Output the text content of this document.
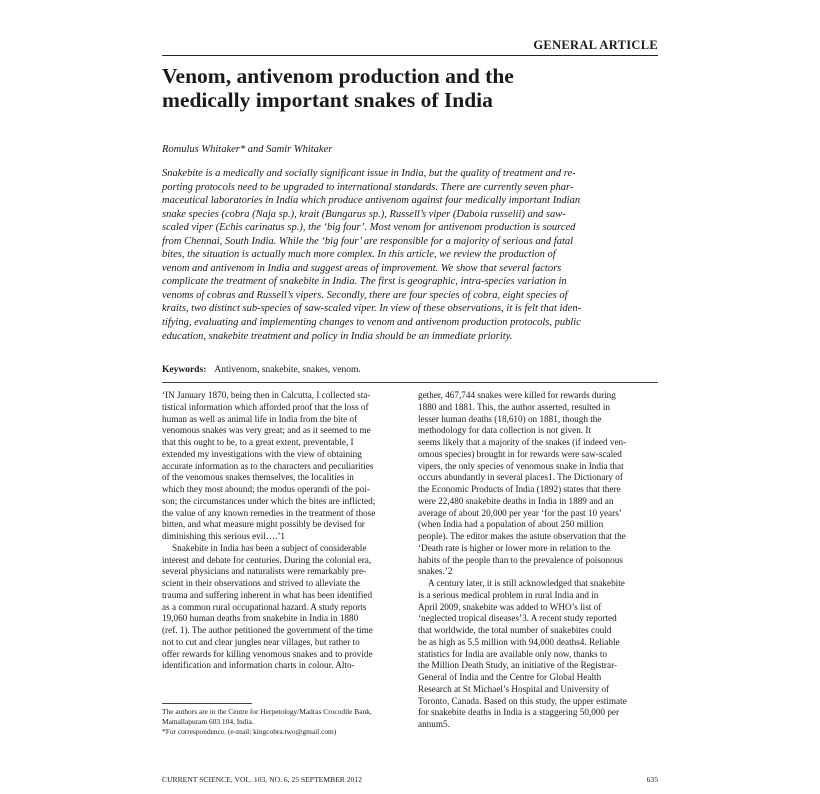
GENERAL ARTICLE
Venom, antivenom production and the
medically important snakes of India
Romulus Whitaker* and Samir Whitaker
Snakebite is a medically and socially significant issue in India, but the quality of treatment and re-
porting protocols need to be upgraded to international standards. There are currently seven phar-
maceutical laboratories in India which produce antivenom against four medically important Indian
snake species (cobra (Naja sp.), krait (Bungarus sp.), Russell’s viper (Daboia russelii) and saw-
scaled viper (Echis carinatus sp.), the ‘big four’. Most venom for antivenom production is sourced
from Chennai, South India. While the ‘big four’ are responsible for a majority of serious and fatal
bites, the situation is actually much more complex. In this article, we review the production of
venom and antivenom in India and suggest areas of improvement. We show that several factors
complicate the treatment of snakebite in India. The first is geographic, intra-species variation in
venoms of cobras and Russell’s vipers. Secondly, there are four species of cobra, eight species of
kraits, two distinct sub-species of saw-scaled viper. In view of these observations, it is felt that iden-
tifying, evaluating and implementing changes to venom and antivenom production protocols, public
education, snakebite treatment and policy in India should be an immediate priority.
Keywords: Antivenom, snakebite, snakes, venom.
‘IN January 1870, being then in Calcutta, I collected sta-
tistical information which afforded proof that the loss of
human as well as animal life in India from the bite of
venomous snakes was very great; and as it seemed to me
that this ought to be, to a great extent, preventable, I
extended my investigations with the view of obtaining
accurate information as to the characters and peculiarities
of the venomous snakes themselves, the localities in
which they most abound; the modus operandi of the poi-
son; the circumstances under which the bites are inflicted;
the value of any known remedies in the treatment of those
bitten, and what measure might possibly be devised for
diminishing this serious evil….’1
Snakebite in India has been a subject of considerable
interest and debate for centuries. During the colonial era,
several physicians and naturalists were remarkably pre-
scient in their observations and strived to alleviate the
trauma and suffering inherent in what has been identified
as a common rural occupational hazard. A study reports
19,060 human deaths from snakebite in India in 1880
(ref. 1). The author petitioned the government of the time
not to cut and clear jungles near villages, but rather to
offer rewards for killing venomous snakes and to provide
identification and information charts in colour. Alto-
gether, 467,744 snakes were killed for rewards during
1880 and 1881. This, the author asserted, resulted in
lesser human deaths (18,610) on 1881, though the
methodology for data collection is not given. It
seems likely that a majority of the snakes (if indeed ven-
omous species) brought in for rewards were saw-scaled
vipers, the only species of venomous snake in India that
occurs abundantly in several places1. The Dictionary of
the Economic Products of India (1892) states that there
were 22,480 snakebite deaths in India in 1889 and an
average of about 20,000 per year ‘for the past 10 years’
(when India had a population of about 250 million
people). The editor makes the astute observation that the
‘Death rate is higher or lower more in relation to the
habits of the people than to the prevalence of poisonous
snakes.’2
A century later, it is still acknowledged that snakebite
is a serious medical problem in rural India and in
April 2009, snakebite was added to WHO’s list of
‘neglected tropical diseases’3. A recent study reported
that worldwide, the total number of snakebites could
be as high as 5.5 million with 94,000 deaths4. Reliable
statistics for India are available only now, thanks to
the Million Death Study, an initiative of the Registrar-
General of India and the Centre for Global Health
Research at St Michael’s Hospital and University of
Toronto, Canada. Based on this study, the upper estimate
for snakebite deaths in India is a staggering 50,000 per
annum5.
The authors are in the Centre for Herpetology/Madras Crocodile Bank,
Mamallapuram 603 104, India.
*For correspondence. (e-mail: kingcobra.two@gmail.com)
CURRENT SCIENCE, VOL. 103, NO. 6, 25 SEPTEMBER 2012	635
